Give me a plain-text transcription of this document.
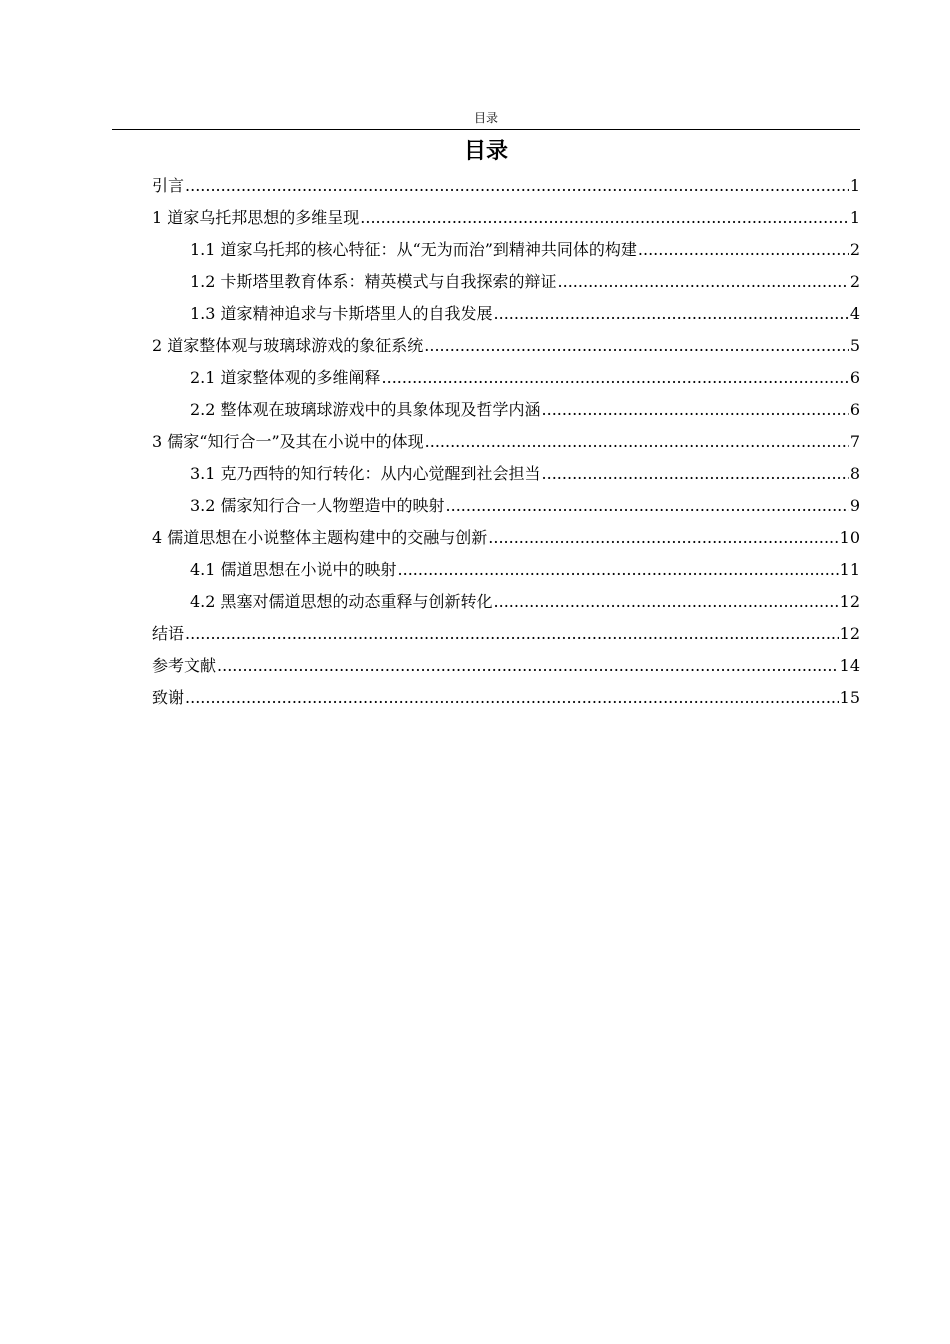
目录
目录
引言 .....	1
1 道家乌托邦思想的多维呈现 .....	1
1.1 道家乌托邦的核心特征：从“无为而治”到精神共同体的构建 .....	2
1.2 卡斯塔里教育体系：精英模式与自我探索的辩证 .....	2
1.3 道家精神追求与卡斯塔里人的自我发展 .....	4
2 道家整体观与玻璃球游戏的象征系统 .....	5
2.1 道家整体观的多维阐释 .....	6
2.2 整体观在玻璃球游戏中的具象体现及哲学内涵 .....	6
3 儒家“知行合一”及其在小说中的体现 .....	7
3.1 克乃西特的知行转化：从内心觉醒到社会担当 .....	8
3.2 儒家知行合一人物塑造中的映射 .....	9
4 儒道思想在小说整体主题构建中的交融与创新 .....	10
4.1 儒道思想在小说中的映射 .....	11
4.2 黑塞对儒道思想的动态重释与创新转化 .....	12
结语 .....	12
参考文献 .....	14
致谢 .....	15
